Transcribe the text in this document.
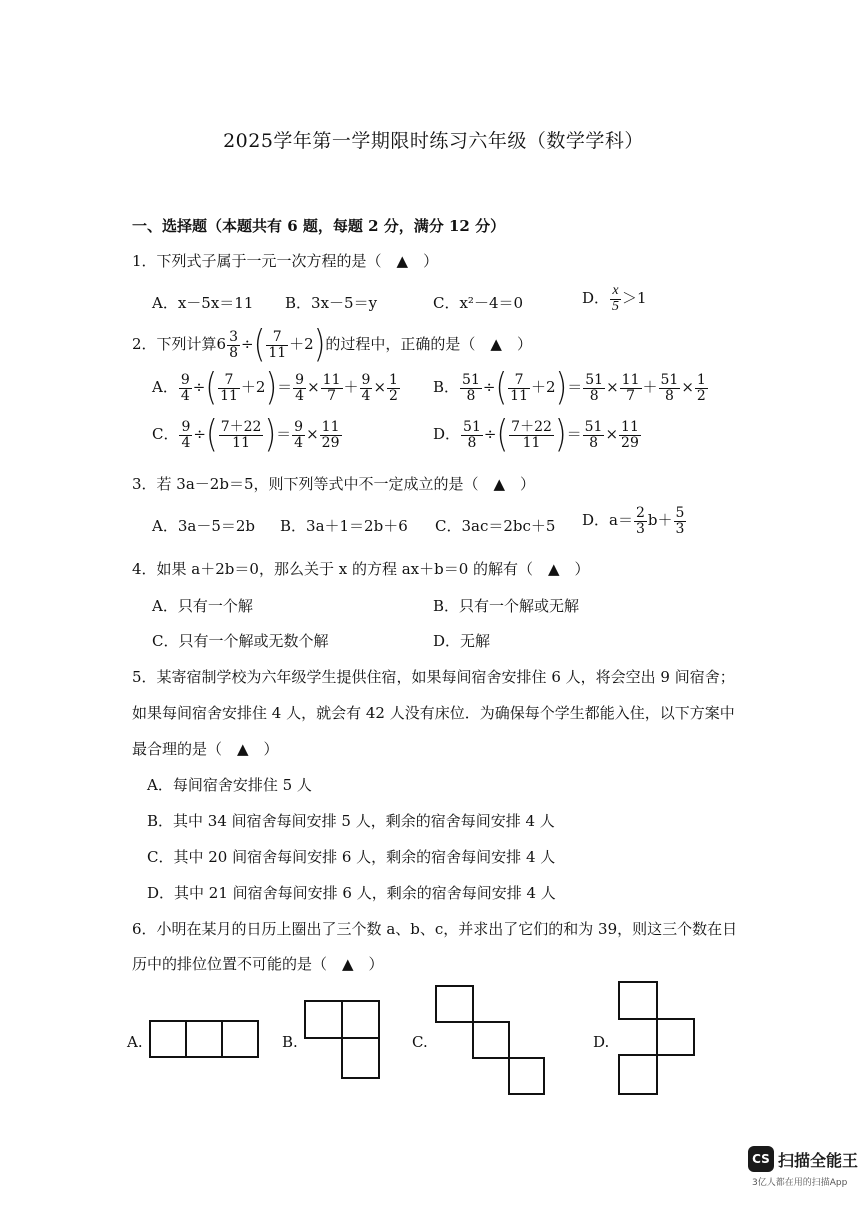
2025学年第一学期限时练习六年级（数学学科）
一、选择题（本题共有 6 题，每题 2 分，满分 12 分）
1．下列式子属于一元一次方程的是（　▲　）
A．x－5x＝11 B．3x－5＝y	C．x²－4＝0	D． $\frac{x}{5} >1$
2．下列计算$6 \frac{3}{8}$ ÷( $\frac{7}{11} +2$)的过程中，正确的是（　▲　）
A． $\frac{9}{4}$ ÷( $\frac{7}{11} +2)= \frac{9}{4} \times \frac{11}{7} + \frac{9}{4} \times \frac{1}{2}$ B． $\frac{51}{8}$ ÷( $\frac{7}{11} +2)= \frac{51}{8} \times \frac{11}{7} + \frac{51}{8} \times \frac{1}{2}$
C． $\frac{9}{4}$ ÷( $\frac{7+22}{11}$ )＝ $\frac{9}{4} \times \frac{11}{29}$	D． $\frac{51}{8}$ ÷( $\frac{7+22}{11}$ )＝ $\frac{51}{8} \times \frac{11}{29}$
3．若 3a－2b＝5，则下列等式中不一定成立的是（　▲　）
A．3a－5＝2b B．3a＋1＝2b＋6 C．3ac＝2bc＋5 D．$a= \frac{2}{3} b+ \frac{5}{3}$
4．如果 a＋2b＝0，那么关于 x 的方程 ax＋b＝0 的解有（　▲　）
A．只有一个解	B．只有一个解或无解
C．只有一个解或无数个解	D．无解
5．某寄宿制学校为六年级学生提供住宿，如果每间宿舍安排住 6 人，将会空出 9 间宿舍；
如果每间宿舍安排住 4 人，就会有 42 人没有床位．为确保每个学生都能入住，以下方案中
最合理的是（　▲　）
A．每间宿舍安排住 5 人
B．其中 34 间宿舍每间安排 5 人，剩余的宿舍每间安排 4 人
C．其中 20 间宿舍每间安排 6 人，剩余的宿舍每间安排 4 人
D．其中 21 间宿舍每间安排 6 人，剩余的宿舍每间安排 4 人
6．小明在某月的日历上圈出了三个数 a、b、c，并求出了它们的和为 39，则这三个数在日
历中的排位位置不可能的是（　▲　）
A.	B.	C.	D.
CS 扫描全能王
3亿人都在用的扫描App
